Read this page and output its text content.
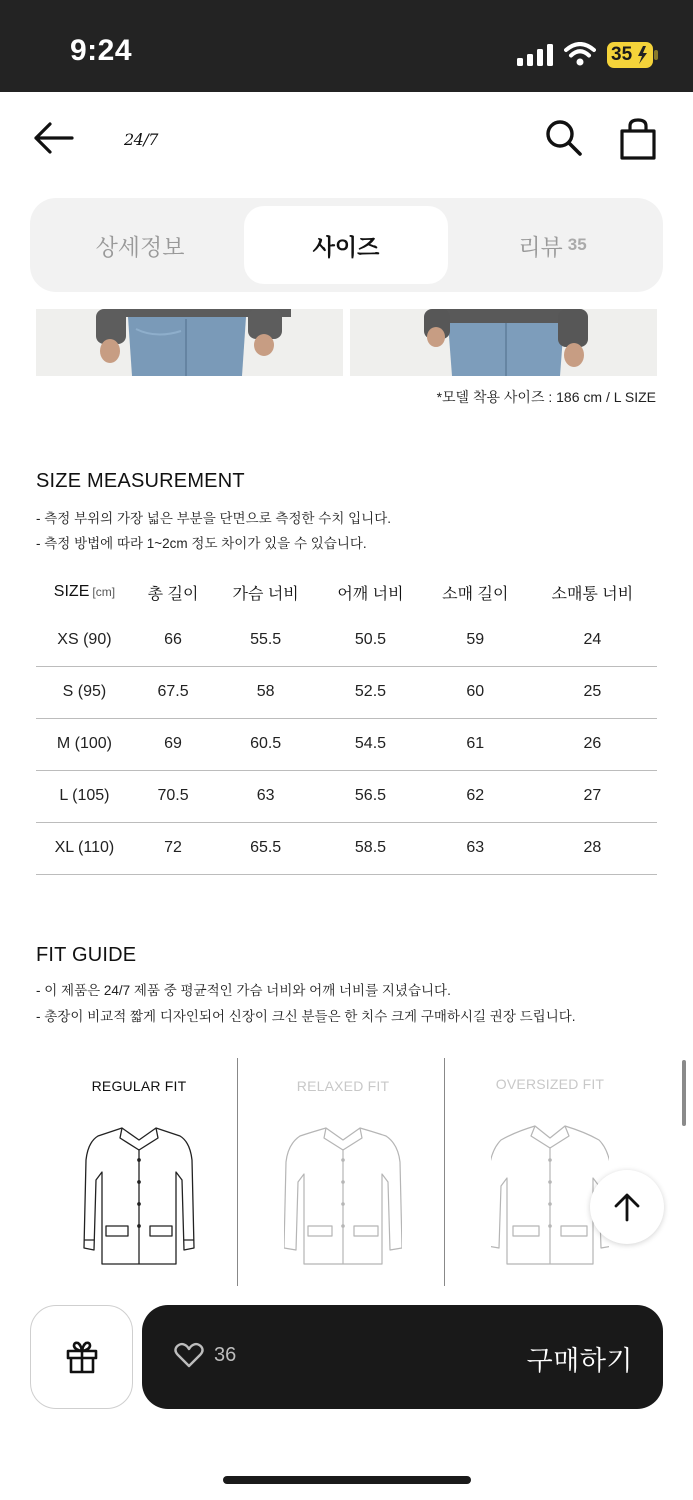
9:24	35
24/7
상세정보	사이즈	리뷰 35
*모델 착용 사이즈 : 186 cm / L SIZE
SIZE MEASUREMENT
- 측정 부위의 가장 넓은 부분을 단면으로 측정한 수치 입니다.
- 측정 방법에 따라 1~2cm 정도 차이가 있을 수 있습니다.
SIZE [cm]	총 길이	가슴 너비	어깨 너비	소매 길이	소매통 너비
XS (90)	66	55.5	50.5	59	24
S (95)	67.5	58	52.5	60	25
M (100)	69	60.5	54.5	61	26
L (105)	70.5	63	56.5	62	27
XL (110)	72	65.5	58.5	63	28
FIT GUIDE
- 이 제품은 24/7 제품 중 평균적인 가슴 너비와 어깨 너비를 지녔습니다.
- 총장이 비교적 짧게 디자인되어 신장이 크신 분들은 한 치수 크게 구매하시길 권장 드립니다.
REGULAR FIT	RELAXED FIT	OVERSIZED FIT
36	구매하기
